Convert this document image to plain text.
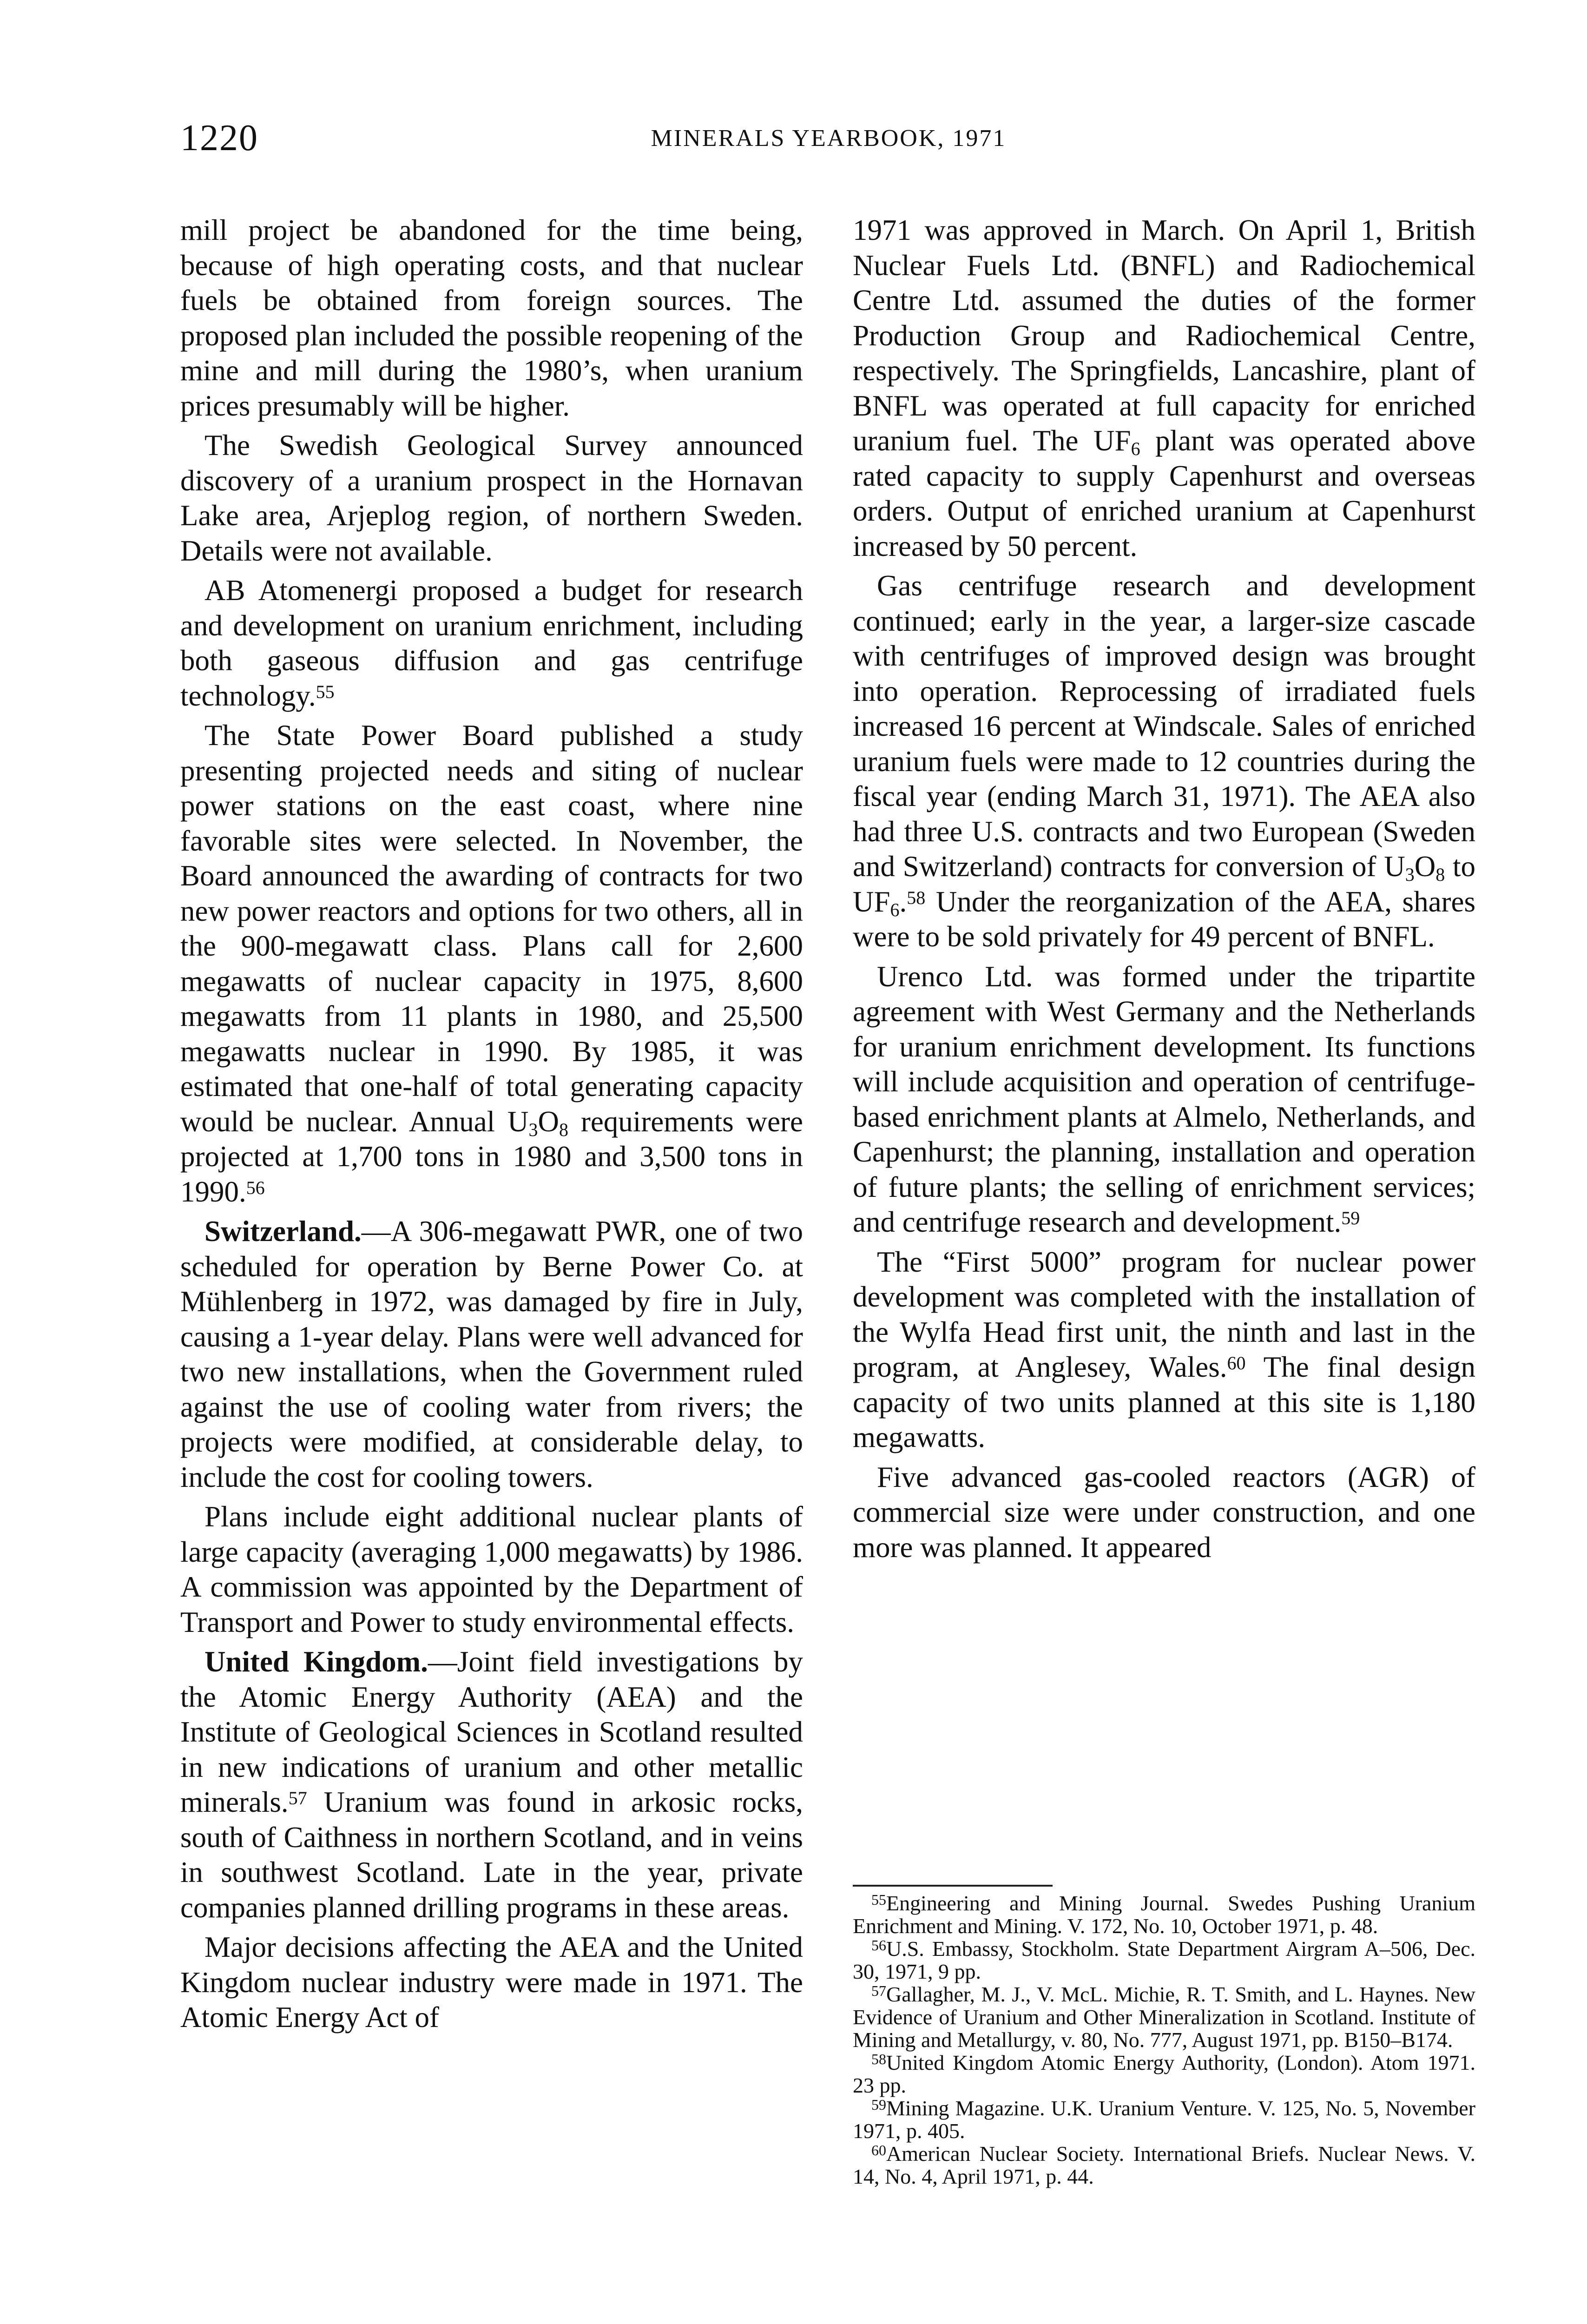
1220	MINERALS YEARBOOK, 1971

mill project be abandoned for the time being, because of high operating costs, and that nuclear fuels be obtained from foreign sources. The proposed plan included the possible reopening of the mine and mill during the 1980’s, when uranium prices presumably will be higher.

The Swedish Geological Survey announced discovery of a uranium prospect in the Hornavan Lake area, Arjeplog region, of northern Sweden. Details were not available.

AB Atomenergi proposed a budget for research and development on uranium enrichment, including both gaseous diffusion and gas centrifuge technology.$^{55}$

The State Power Board published a study presenting projected needs and siting of nuclear power stations on the east coast, where nine favorable sites were selected. In November, the Board announced the awarding of contracts for two new power reactors and options for two others, all in the 900-megawatt class. Plans call for 2,600 megawatts of nuclear capacity in 1975, 8,600 megawatts from 11 plants in 1980, and 25,500 megawatts nuclear in 1990. By 1985, it was estimated that one-half of total generating capacity would be nuclear. Annual $U_3O_8$ requirements were projected at 1,700 tons in 1980 and 3,500 tons in 1990.56

Switzerland.—A 306-megawatt PWR, one of two scheduled for operation by Berne Power Co. at Mühlenberg in 1972, was damaged by fire in July, causing a 1-year delay. Plans were well advanced for two new installations, when the Government ruled against the use of cooling water from rivers; the projects were modified, at considerable delay, to include the cost for cooling towers.

Plans include eight additional nuclear plants of large capacity (averaging 1,000 megawatts) by 1986. A commission was appointed by the Department of Transport and Power to study environmental effects.

United Kingdom.—Joint field investigations by the Atomic Energy Authority (AEA) and the Institute of Geological Sciences in Scotland resulted in new indications of uranium and other metallic minerals.$^{57}$ Uranium was found in arkosic rocks, south of Caithness in northern Scotland, and in veins in southwest Scotland. Late in the year, private companies planned drilling programs in these areas.

Major decisions affecting the AEA and the United Kingdom nuclear industry were made in 1971. The Atomic Energy Act of

1971 was approved in March. On April 1, British Nuclear Fuels Ltd. (BNFL) and Radiochemical Centre Ltd. assumed the duties of the former Production Group and Radiochemical Centre, respectively. The Springfields, Lancashire, plant of BNFL was operated at full capacity for enriched uranium fuel. The $UF_6$ plant was operated above rated capacity to supply Capenhurst and overseas orders. Output of enriched uranium at Capenhurst increased by 50 percent.

Gas centrifuge research and development continued; early in the year, a larger-size cascade with centrifuges of improved design was brought into operation. Reprocessing of irradiated fuels increased 16 percent at Windscale. Sales of enriched uranium fuels were made to 12 countries during the fiscal year (ending March 31, 1971). The AEA also had three U.S. contracts and two European (Sweden and Switzerland) contracts for conversion of $U_3O_8$ to $UF_6.^{58}$ Under the reorganization of the AEA, shares were to be sold privately for 49 percent of BNFL.

Urenco Ltd. was formed under the tripartite agreement with West Germany and the Netherlands for uranium enrichment development. Its functions will include acquisition and operation of centrifuge-based enrichment plants at Almelo, Netherlands, and Capenhurst; the planning, installation and operation of future plants; the selling of enrichment services; and centrifuge research and development.$^{59}$

The “First 5000” program for nuclear power development was completed with the installation of the Wylfa Head first unit, the ninth and last in the program, at Anglesey, Wales.$^{60}$ The final design capacity of two units planned at this site is 1,180 megawatts.

Five advanced gas-cooled reactors (AGR) of commercial size were under construction, and one more was planned. It appeared

$^{55}$Engineering and Mining Journal. Swedes Pushing Uranium Enrichment and Mining. V. 172, No. 10, October 1971, p. 48.

$^{56}$U.S. Embassy, Stockholm. State Department Airgram A–506, Dec. 30, 1971, 9 pp.

$^{57}$Gallagher, M. J., V. McL. Michie, R. T. Smith, and L. Haynes. New Evidence of Uranium and Other Mineralization in Scotland. Institute of Mining and Metallurgy, v. 80, No. 777, August 1971, pp. B150–B174.

$^{58}$United Kingdom Atomic Energy Authority, (London). Atom 1971. 23 pp.

$^{59}$Mining Magazine. U.K. Uranium Venture. V. 125, No. 5, November 1971, p. 405.

$^{60}$American Nuclear Society. International Briefs. Nuclear News. V. 14, No. 4, April 1971, p. 44.
